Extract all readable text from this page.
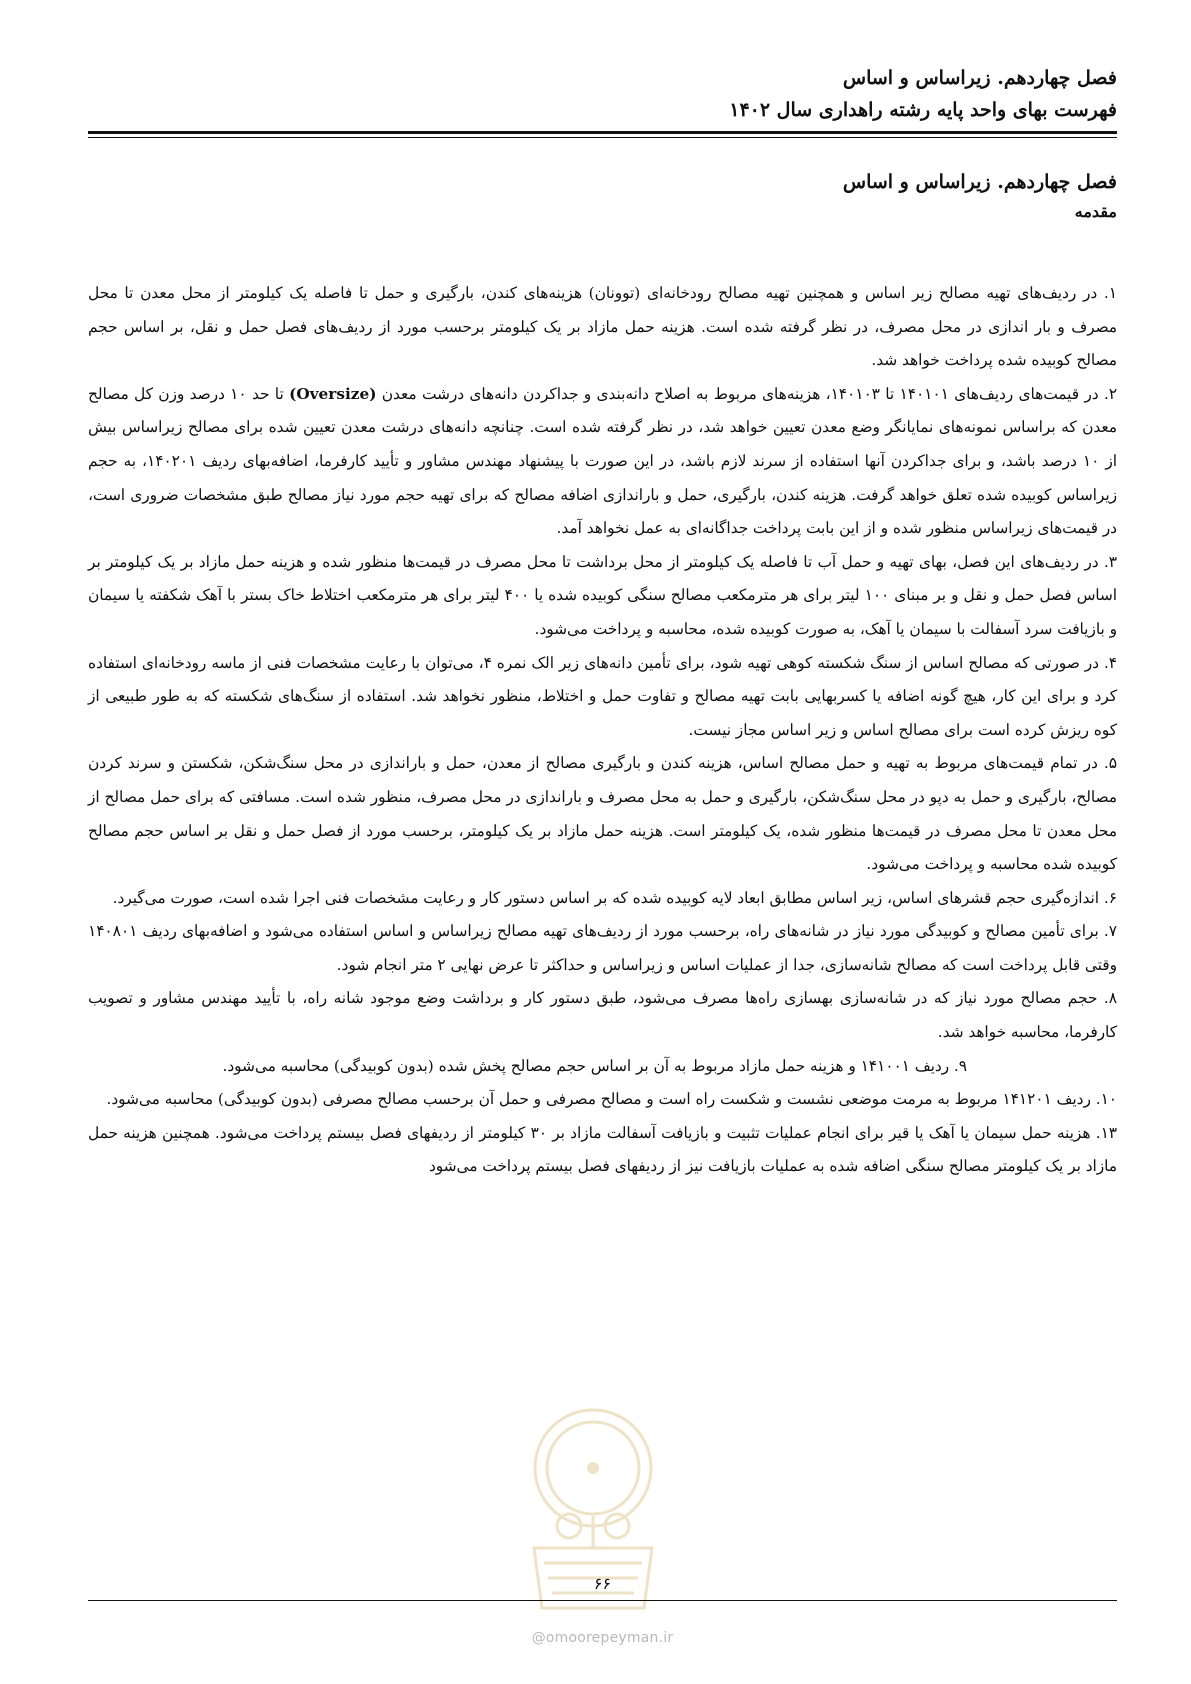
فصل چهاردهم. زیراساس و اساس
فهرست بهای واحد پایه رشته راهداری سال ۱۴۰۲
فصل چهاردهم. زیراساس و اساس
مقدمه

۱. در ردیف‌های تهیه مصالح زیر اساس و همچنین تهیه مصالح رودخانه‌ای (توونان) هزینه‌های کندن، بارگیری و حمل تا فاصله یک کیلومتر از محل معدن تا محل مصرف و بار اندازی در محل مصرف، در نظر گرفته شده است. هزینه حمل مازاد بر یک کیلومتر برحسب مورد از ردیف‌های فصل حمل و نقل، بر اساس حجم مصالح کوبیده شده پرداخت خواهد شد.

۲. در قیمت‌های ردیف‌های ۱۴۰۱۰۱ تا ۱۴۰۱۰۳، هزینه‌های مربوط به اصلاح دانه‌بندی و جداکردن دانه‌های درشت معدن (Oversize) تا حد ۱۰ درصد وزن کل مصالح معدن که براساس نمونه‌های نمایانگر وضع معدن تعیین خواهد شد، در نظر گرفته شده است. چنانچه دانه‌های درشت معدن تعیین شده برای مصالح زیراساس بیش از ۱۰ درصد باشد، و برای جداکردن آنها استفاده از سرند لازم باشد، در این صورت با پیشنهاد مهندس مشاور و تأیید کارفرما، اضافه‌بهای ردیف ۱۴۰۲۰۱، به حجم زیراساس کوبیده شده تعلق خواهد گرفت. هزینه کندن، بارگیری، حمل و باراندازی اضافه مصالح که برای تهیه حجم مورد نیاز مصالح طبق مشخصات ضروری است، در قیمت‌های زیراساس منظور شده و از این بابت پرداخت جداگانه‌ای به عمل نخواهد آمد.

۳. در ردیف‌های این فصل، بهای تهیه و حمل آب تا فاصله یک کیلومتر از محل برداشت تا محل مصرف در قیمت‌ها منظور شده و هزینه حمل مازاد بر یک کیلومتر بر اساس فصل حمل و نقل و بر مبنای ۱۰۰ لیتر برای هر مترمکعب مصالح سنگی کوبیده شده یا ۴۰۰ لیتر برای هر مترمکعب اختلاط خاک بستر با آهک شکفته یا سیمان و بازیافت سرد آسفالت با سیمان یا آهک، به صورت کوبیده شده، محاسبه و پرداخت می‌شود.

۴. در صورتی که مصالح اساس از سنگ شکسته کوهی تهیه شود، برای تأمین دانه‌های زیر الک نمره ۴، می‌توان با رعایت مشخصات فنی از ماسه رودخانه‌ای استفاده کرد و برای این کار، هیچ گونه اضافه یا کسربهایی بابت تهیه مصالح و تفاوت حمل و اختلاط، منظور نخواهد شد. استفاده از سنگ‌های شکسته که به طور طبیعی از کوه ریزش کرده است برای مصالح اساس و زیر اساس مجاز نیست.

۵. در تمام قیمت‌های مربوط به تهیه و حمل مصالح اساس، هزینه کندن و بارگیری مصالح از معدن، حمل و باراندازی در محل سنگ‌شکن، شکستن و سرند کردن مصالح، بارگیری و حمل به دپو در محل سنگ‌شکن، بارگیری و حمل به محل مصرف و باراندازی در محل مصرف، منظور شده است. مسافتی که برای حمل مصالح از محل معدن تا محل مصرف در قیمت‌ها منظور شده، یک کیلومتر است. هزینه حمل مازاد بر یک کیلومتر، برحسب مورد از فصل حمل و نقل بر اساس حجم مصالح کوبیده شده محاسبه و پرداخت می‌شود.

۶. اندازه‌گیری حجم قشرهای اساس، زیر اساس مطابق ابعاد لایه کوبیده شده که بر اساس دستور کار و رعایت مشخصات فنی اجرا شده است، صورت می‌گیرد.

۷. برای تأمین مصالح و کوبیدگی مورد نیاز در شانه‌های راه، برحسب مورد از ردیف‌های تهیه مصالح زیراساس و اساس استفاده می‌شود و اضافه‌بهای ردیف ۱۴۰۸۰۱ وقتی قابل پرداخت است که مصالح شانه‌سازی، جدا از عملیات اساس و زیراساس و حداکثر تا عرض نهایی ۲ متر انجام شود.

۸. حجم مصالح مورد نیاز که در شانه‌سازی بهسازی راه‌ها مصرف می‌شود، طبق دستور کار و برداشت وضع موجود شانه راه، با تأیید مهندس مشاور و تصویب کارفرما، محاسبه خواهد شد.

۹. ردیف ۱۴۱۰۰۱ و هزینه حمل مازاد مربوط به آن بر اساس حجم مصالح پخش شده (بدون کوبیدگی) محاسبه می‌شود.

۱۰. ردیف ۱۴۱۲۰۱ مربوط به مرمت موضعی نشست و شکست راه است و مصالح مصرفی و حمل آن برحسب مصالح مصرفی (بدون کوبیدگی) محاسبه می‌شود.

۱۳. هزینه حمل سیمان یا آهک یا قیر برای انجام عملیات تثبیت و بازیافت آسفالت مازاد بر ۳۰ کیلومتر از ردیفهای فصل بیستم پرداخت می‌شود. همچنین هزینه حمل مازاد بر یک کیلومتر مصالح سنگی اضافه شده به عملیات بازیافت نیز از ردیفهای فصل بیستم پرداخت می‌شود

۶۶
@omoorepeyman.ir
